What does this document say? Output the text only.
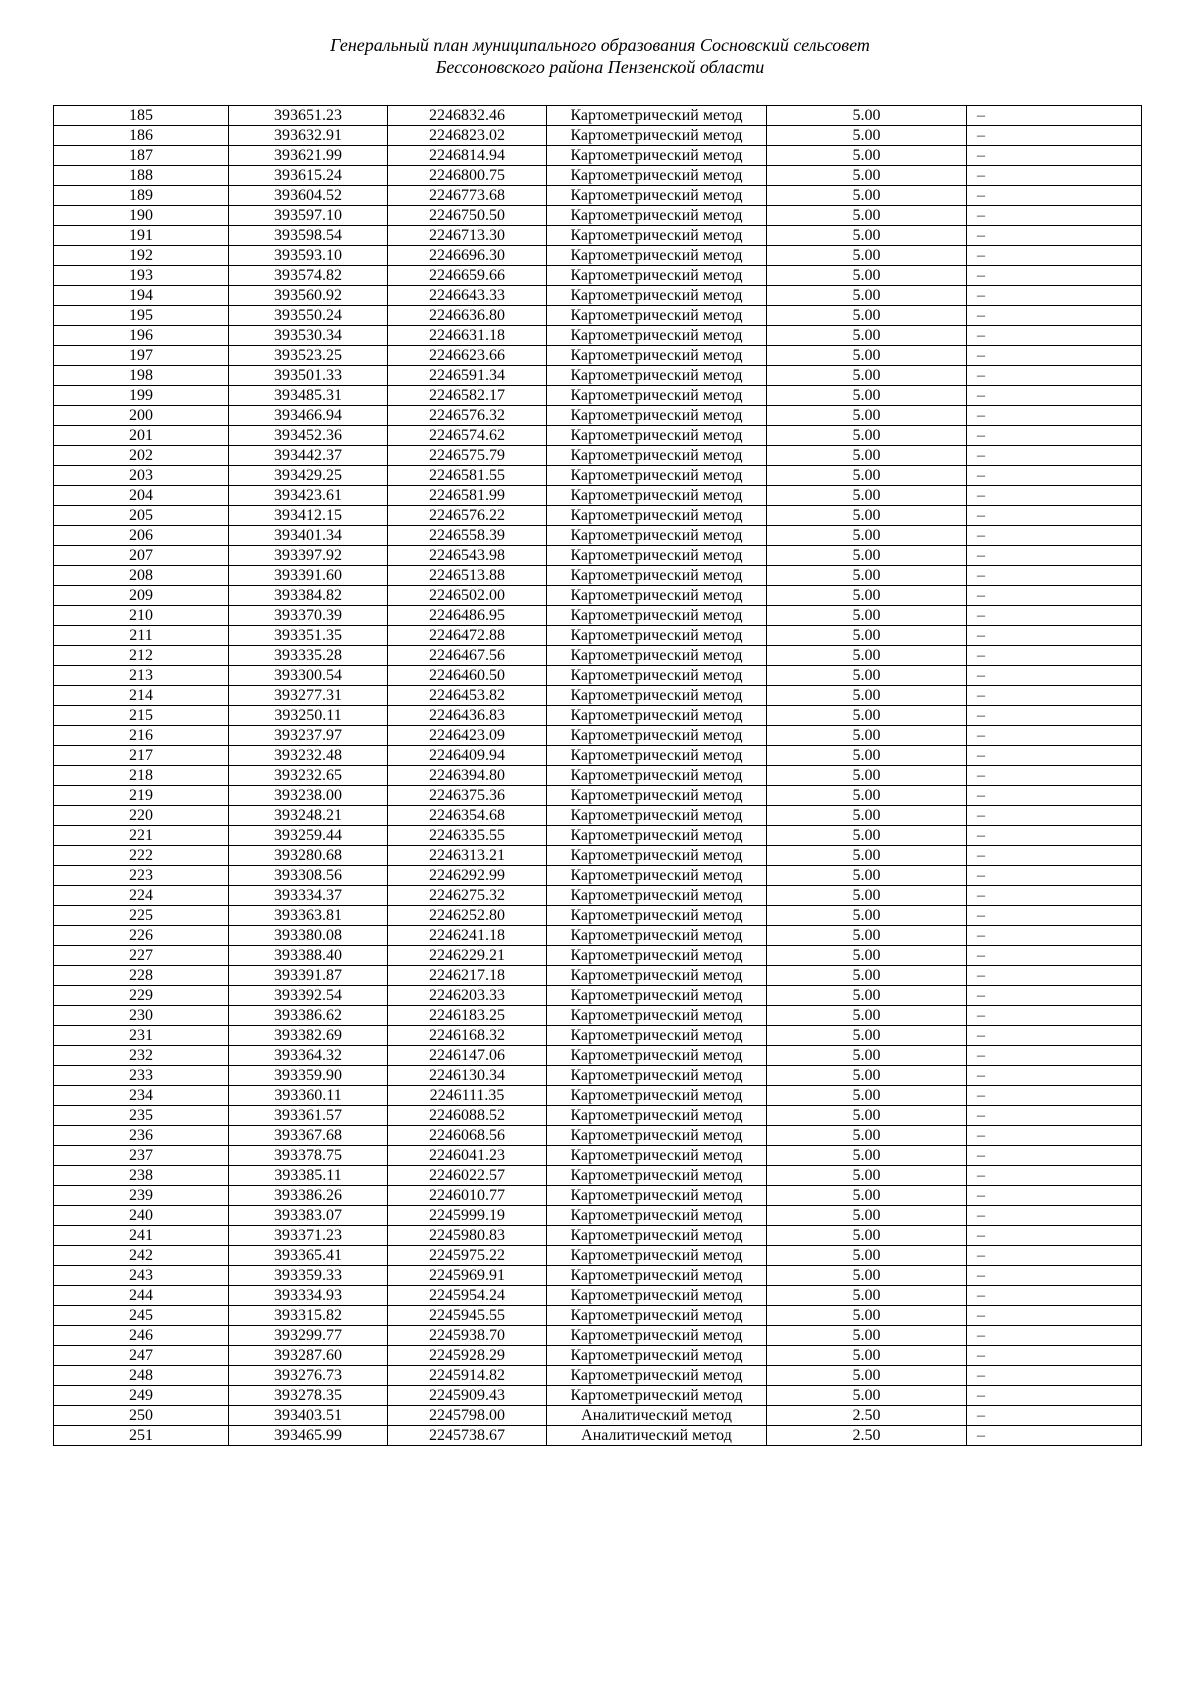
Генеральный план муниципального образования Сосновский сельсовет
Бессоновского района Пензенской области
185	393651.23	2246832.46	Картометрический метод	5.00	–
186	393632.91	2246823.02	Картометрический метод	5.00	–
187	393621.99	2246814.94	Картометрический метод	5.00	–
188	393615.24	2246800.75	Картометрический метод	5.00	–
189	393604.52	2246773.68	Картометрический метод	5.00	–
190	393597.10	2246750.50	Картометрический метод	5.00	–
191	393598.54	2246713.30	Картометрический метод	5.00	–
192	393593.10	2246696.30	Картометрический метод	5.00	–
193	393574.82	2246659.66	Картометрический метод	5.00	–
194	393560.92	2246643.33	Картометрический метод	5.00	–
195	393550.24	2246636.80	Картометрический метод	5.00	–
196	393530.34	2246631.18	Картометрический метод	5.00	–
197	393523.25	2246623.66	Картометрический метод	5.00	–
198	393501.33	2246591.34	Картометрический метод	5.00	–
199	393485.31	2246582.17	Картометрический метод	5.00	–
200	393466.94	2246576.32	Картометрический метод	5.00	–
201	393452.36	2246574.62	Картометрический метод	5.00	–
202	393442.37	2246575.79	Картометрический метод	5.00	–
203	393429.25	2246581.55	Картометрический метод	5.00	–
204	393423.61	2246581.99	Картометрический метод	5.00	–
205	393412.15	2246576.22	Картометрический метод	5.00	–
206	393401.34	2246558.39	Картометрический метод	5.00	–
207	393397.92	2246543.98	Картометрический метод	5.00	–
208	393391.60	2246513.88	Картометрический метод	5.00	–
209	393384.82	2246502.00	Картометрический метод	5.00	–
210	393370.39	2246486.95	Картометрический метод	5.00	–
211	393351.35	2246472.88	Картометрический метод	5.00	–
212	393335.28	2246467.56	Картометрический метод	5.00	–
213	393300.54	2246460.50	Картометрический метод	5.00	–
214	393277.31	2246453.82	Картометрический метод	5.00	–
215	393250.11	2246436.83	Картометрический метод	5.00	–
216	393237.97	2246423.09	Картометрический метод	5.00	–
217	393232.48	2246409.94	Картометрический метод	5.00	–
218	393232.65	2246394.80	Картометрический метод	5.00	–
219	393238.00	2246375.36	Картометрический метод	5.00	–
220	393248.21	2246354.68	Картометрический метод	5.00	–
221	393259.44	2246335.55	Картометрический метод	5.00	–
222	393280.68	2246313.21	Картометрический метод	5.00	–
223	393308.56	2246292.99	Картометрический метод	5.00	–
224	393334.37	2246275.32	Картометрический метод	5.00	–
225	393363.81	2246252.80	Картометрический метод	5.00	–
226	393380.08	2246241.18	Картометрический метод	5.00	–
227	393388.40	2246229.21	Картометрический метод	5.00	–
228	393391.87	2246217.18	Картометрический метод	5.00	–
229	393392.54	2246203.33	Картометрический метод	5.00	–
230	393386.62	2246183.25	Картометрический метод	5.00	–
231	393382.69	2246168.32	Картометрический метод	5.00	–
232	393364.32	2246147.06	Картометрический метод	5.00	–
233	393359.90	2246130.34	Картометрический метод	5.00	–
234	393360.11	2246111.35	Картометрический метод	5.00	–
235	393361.57	2246088.52	Картометрический метод	5.00	–
236	393367.68	2246068.56	Картометрический метод	5.00	–
237	393378.75	2246041.23	Картометрический метод	5.00	–
238	393385.11	2246022.57	Картометрический метод	5.00	–
239	393386.26	2246010.77	Картометрический метод	5.00	–
240	393383.07	2245999.19	Картометрический метод	5.00	–
241	393371.23	2245980.83	Картометрический метод	5.00	–
242	393365.41	2245975.22	Картометрический метод	5.00	–
243	393359.33	2245969.91	Картометрический метод	5.00	–
244	393334.93	2245954.24	Картометрический метод	5.00	–
245	393315.82	2245945.55	Картометрический метод	5.00	–
246	393299.77	2245938.70	Картометрический метод	5.00	–
247	393287.60	2245928.29	Картометрический метод	5.00	–
248	393276.73	2245914.82	Картометрический метод	5.00	–
249	393278.35	2245909.43	Картометрический метод	5.00	–
250	393403.51	2245798.00	Аналитический метод	2.50	–
251	393465.99	2245738.67	Аналитический метод	2.50	–
